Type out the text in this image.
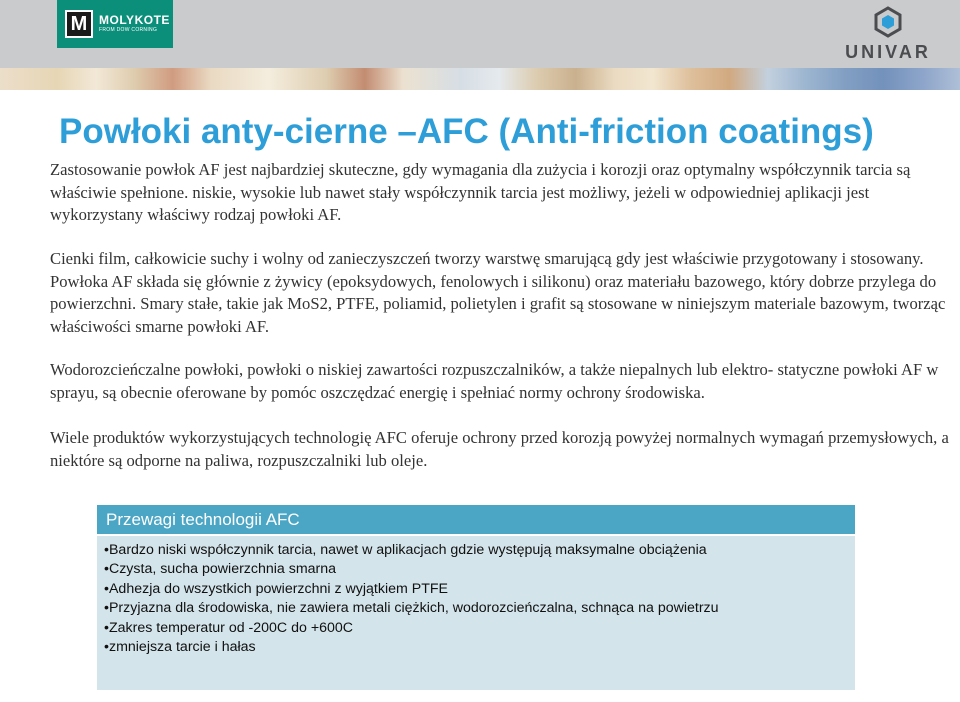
M MOLYKOTE
FROM DOW CORNING
UNIVAR
Powłoki anty-cierne –AFC (Anti-friction coatings)

Zastosowanie powłok AF jest najbardziej skuteczne, gdy wymagania dla zużycia i korozji oraz optymalny współczynnik tarcia są właściwie spełnione. niskie, wysokie lub nawet stały współczynnik tarcia jest możliwy, jeżeli w odpowiedniej aplikacji jest wykorzystany właściwy rodzaj powłoki AF.

Cienki film, całkowicie suchy i wolny od zanieczyszczeń tworzy warstwę smarującą gdy jest właściwie przygotowany i stosowany. Powłoka AF składa się głównie z żywicy (epoksydowych, fenolowych i silikonu) oraz materiału bazowego, który dobrze przylega do powierzchni. Smary stałe, takie jak MoS2, PTFE, poliamid, polietylen i grafit są stosowane w niniejszym materiale bazowym, tworząc właściwości smarne powłoki AF.

Wodorozcieńczalne powłoki, powłoki o niskiej zawartości rozpuszczalników, a także niepalnych lub elektro- statyczne powłoki AF w sprayu, są obecnie oferowane by pomóc oszczędzać energię i spełniać normy ochrony środowiska.

Wiele produktów wykorzystujących technologię AFC oferuje ochrony przed korozją powyżej normalnych wymagań przemysłowych, a niektóre są odporne na paliwa, rozpuszczalniki lub oleje.

Przewagi technologii AFC
• Bardzo niski współczynnik tarcia, nawet w aplikacjach gdzie występują maksymalne obciążenia
• Czysta, sucha powierzchnia smarna
• Adhezja do wszystkich powierzchni z wyjątkiem PTFE
• Przyjazna dla środowiska, nie zawiera metali ciężkich, wodorozcieńczalna, schnąca na powietrzu
• Zakres temperatur od -200C do +600C
• zmniejsza tarcie i hałas
